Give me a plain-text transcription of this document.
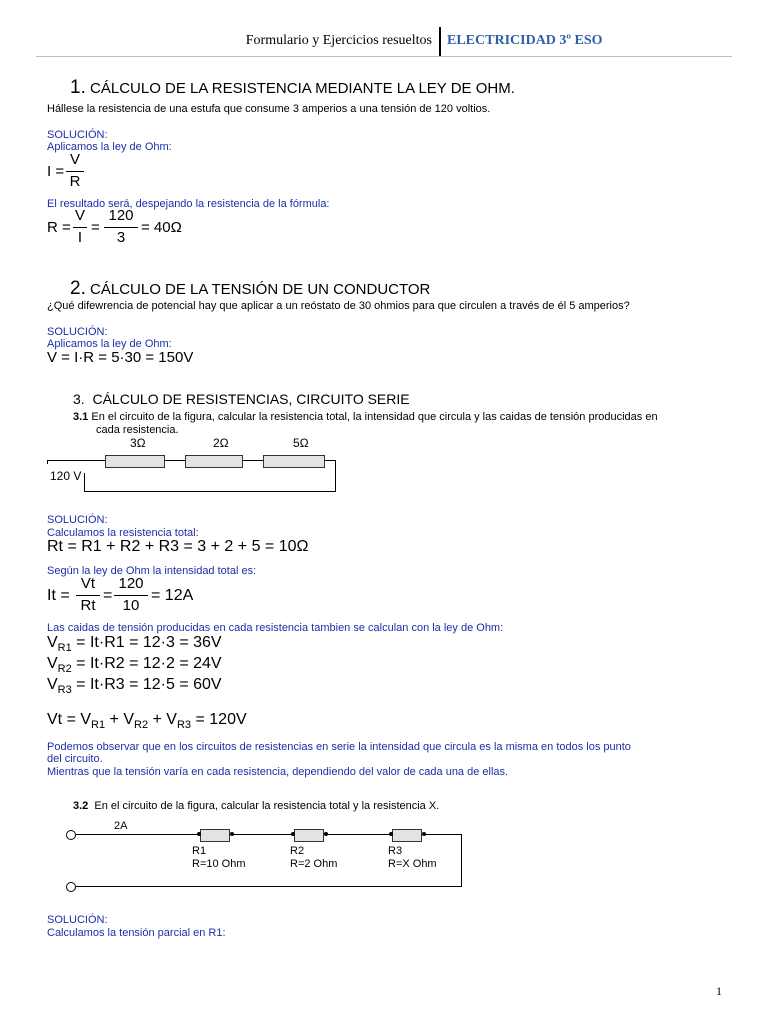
Formulario y Ejercicios resueltos ELECTRICIDAD 3º ESO
1. CÁLCULO DE LA RESISTENCIA MEDIANTE LA LEY DE OHM.
Hállese la resistencia de una estufa que consume 3 amperios a una tensión de 120 voltios.
SOLUCIÓN:
Aplicamos la ley de Ohm:
I =
V
R
El resultado será, despejando la resistencia de la fórmula:
R =
V
I
=
120
3
= 40Ω
2. CÁLCULO DE LA TENSIÓN DE UN CONDUCTOR
¿Qué difewrencia de potencial hay que aplicar a un reóstato de 30 ohmios para que circulen a través de él 5 amperios?
SOLUCIÓN:
Aplicamos la ley de Ohm:
V = I·R = 5·30 = 150V
3. CÁLCULO DE RESISTENCIAS, CIRCUITO SERIE
3.1 En el circuito de la figura, calcular la resistencia total, la intensidad que circula y las caidas de tensión producidas en
cada resistencia.
3Ω	2Ω	5Ω
120 V
SOLUCIÓN:
Calculamos la resistencia total:
Rt = R1 + R2 + R3 = 3 + 2 + 5 = 10Ω
Según la ley de Ohm la intensidad total es:
It =
Vt
Rt
=
120
10
= 12A
Las caidas de tensión producidas en cada resistencia tambien se calculan con la ley de Ohm:
$V_{R1} = It\cdot R1 = 12\cdot 3 = 36V$
$V_{R2} = It\cdot R2 = 12\cdot 2 = 24V$
$V_{R3} = It\cdot R3 = 12\cdot 5 = 60V$
$Vt = V_{R1} + V_{R2} + V_{R3} = 120V$
Podemos observar que en los circuitos de resistencias en serie la intensidad que circula es la misma en todos los punto
del circuito.
Mientras que la tensión varía en cada resistencia, dependiendo del valor de cada una de ellas.
3.2 En el circuito de la figura, calcular la resistencia total y la resistencia X.
2A
R1
R=10 Ohm
R2
R=2 Ohm
R3
R=X Ohm
SOLUCIÓN:
Calculamos la tensión parcial en R1:
1
